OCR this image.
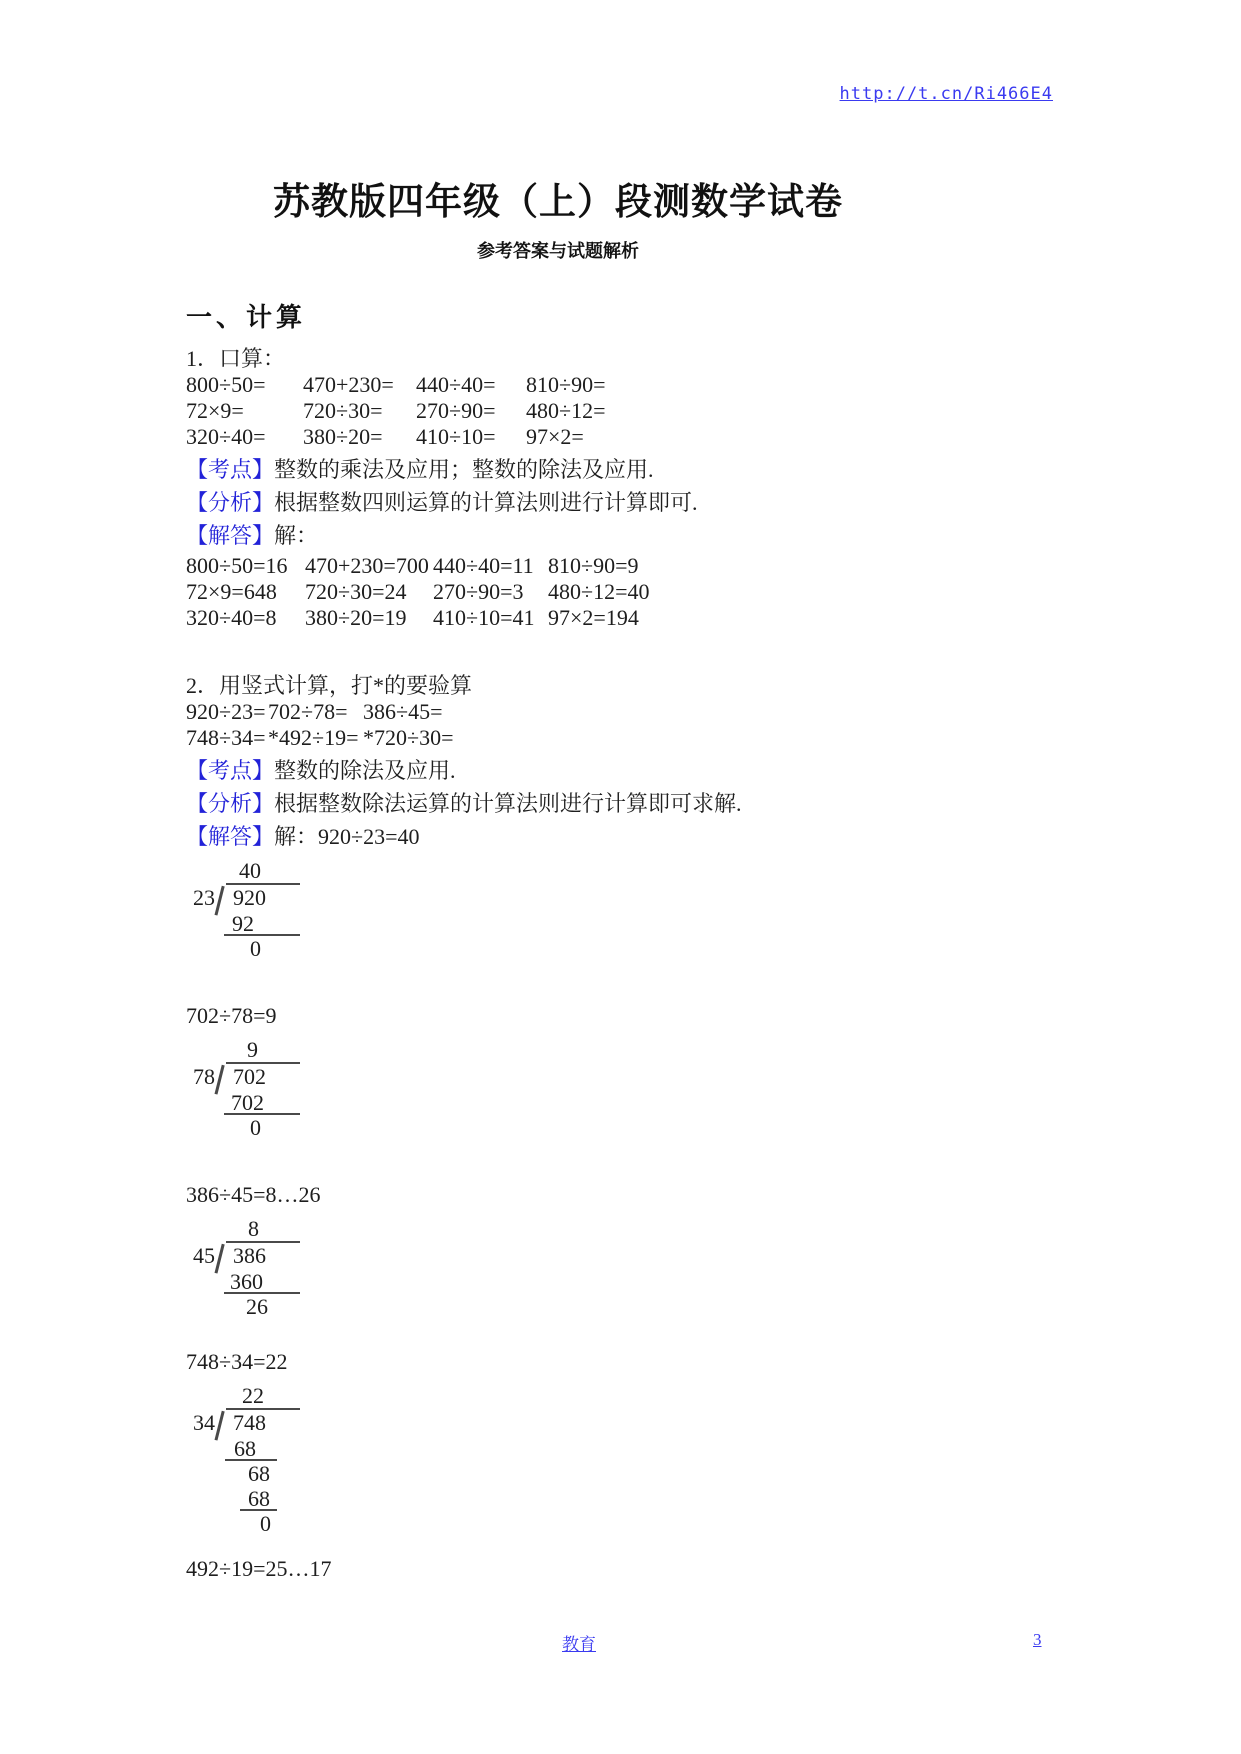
http://t.cn/Ri466E4
苏教版四年级（上）段测数学试卷
参考答案与试题解析
一、计算
1．口算：
800÷50= 470+230= 440÷40= 810÷90=
72×9=	720÷30= 270÷90= 480÷12=
320÷40= 380÷20= 410÷10= 97×2=
【考点】整数的乘法及应用；整数的除法及应用.
【分析】根据整数四则运算的计算法则进行计算即可.
【解答】解：
800÷50=16 470+230=700 440÷40=11 810÷90=9
72×9=648 720÷30=24 270÷90=3 480÷12=40
320÷40=8 380÷20=19 410÷10=41 97×2=194
2．用竖式计算，打*的要验算
920÷23= 702÷78= 386÷45=
748÷34= *492÷19= *720÷30=
【考点】整数的除法及应用.
【分析】根据整数除法运算的计算法则进行计算即可求解.
【解答】解：920÷23=40
40
23 920
92
0
702÷78=9
9
78 702
702
0
386÷45=8…26
8
45 386
360
26
748÷34=22
22
34 748
68
68
68
0
492÷19=25…17
教育	3
